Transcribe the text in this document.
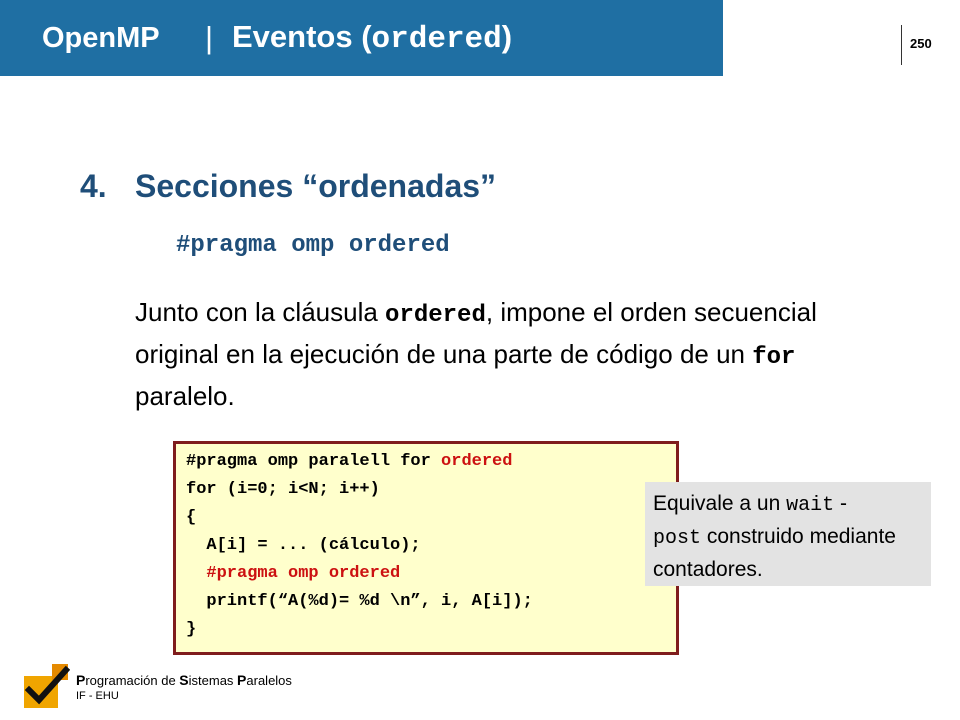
OpenMP | Eventos (ordered)	250
4. Secciones “ordenadas”
#pragma omp ordered
Junto con la cláusula ordered, impone el orden secuencial original en la ejecución de una parte de código de un for paralelo.
#pragma omp paralell for ordered
for (i=0; i<N; i++)
{
A[i] = ... (cálculo);
#pragma omp ordered
printf(“A(%d)= %d \n”, i, A[i]);
}
Equivale a un wait -
post construido mediante contadores.
Programación de Sistemas Paralelos
IF - EHU
